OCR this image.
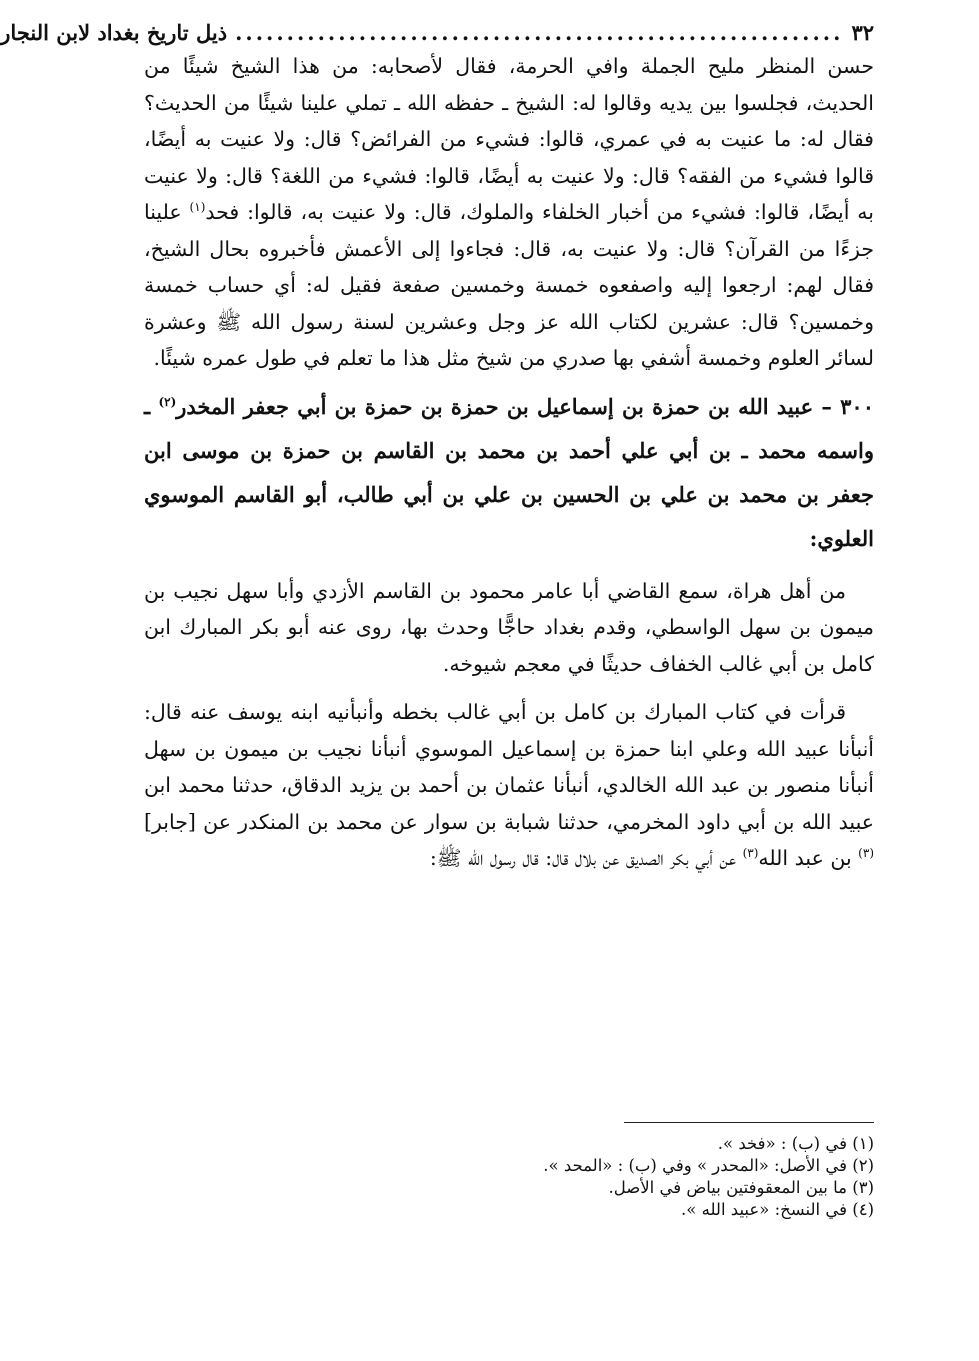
٣٢
...........................................................
ذيل تاريخ بغداد لابن النجار

حسن المنظر مليح الجملة وافي الحرمة، فقال لأصحابه: من هذا الشيخ شيئًا من الحديث، فجلسوا بين يديه وقالوا له: الشيخ ـ حفظه الله ـ تملي علينا شيئًا من الحديث؟ فقال له: ما عنيت به في عمري، قالوا: فشيء من الفرائض؟ قال: ولا عنيت به أيضًا، قالوا فشيء من الفقه؟ قال: ولا عنيت به أيضًا، قالوا: فشيء من اللغة؟ قال: ولا عنيت به أيضًا، قالوا: فشيء من أخبار الخلفاء والملوك، قال: ولا عنيت به، قالوا: فحد$^{(١)}$ علينا جزءًا من القرآن؟ قال: ولا عنيت به، قال: فجاءوا إلى الأعمش فأخبروه بحال الشيخ، فقال لهم: ارجعوا إليه واصفعوه خمسة وخمسين صفعة فقيل له: أي حساب خمسة وخمسين؟ قال: عشرين لكتاب الله عز وجل وعشرين لسنة رسول الله ﷺ وعشرة لسائر العلوم وخمسة أشفي بها صدري من شيخ مثل هذا ما تعلم في طول عمره شيئًا.

٣٠٠ – عبيد الله بن حمزة بن إسماعيل بن حمزة بن حمزة بن أبي جعفر المخدر$^{(٢)}$ ـ واسمه محمد ـ بن أبي علي أحمد بن محمد بن القاسم بن حمزة بن موسى ابن جعفر بن محمد بن علي بن الحسين بن علي بن أبي طالب، أبو القاسم الموسوي العلوي:

من أهل هراة، سمع القاضي أبا عامر محمود بن القاسم الأزدي وأبا سهل نجيب بن ميمون بن سهل الواسطي، وقدم بغداد حاجًّا وحدث بها، روى عنه أبو بكر المبارك ابن كامل بن أبي غالب الخفاف حديثًا في معجم شيوخه.

قرأت في كتاب المبارك بن كامل بن أبي غالب بخطه وأنبأنيه ابنه يوسف عنه قال: أنبأنا عبيد الله وعلي ابنا حمزة بن إسماعيل الموسوي أنبأنا نجيب بن ميمون بن سهل أنبأنا منصور بن عبد الله الخالدي، أنبأنا عثمان بن أحمد بن يزيد الدقاق، حدثنا محمد ابن عبيد الله بن أبي داود المخرمي، حدثنا شبابة بن سوار عن محمد بن المنكدر عن [جابر]$^{(٣)}$ بن عبد الله$^{(٣)}$ عن أبي بكر الصديق عن بلال قال: قال رسول الله ﷺ:

(١) في (ب) : «فخد ».
(٢) في الأصل: «المحدر » وفي (ب) : «المحد ».
(٣) ما بين المعقوفتين بياض في الأصل.
(٤) في النسخ: «عبيد الله ».
